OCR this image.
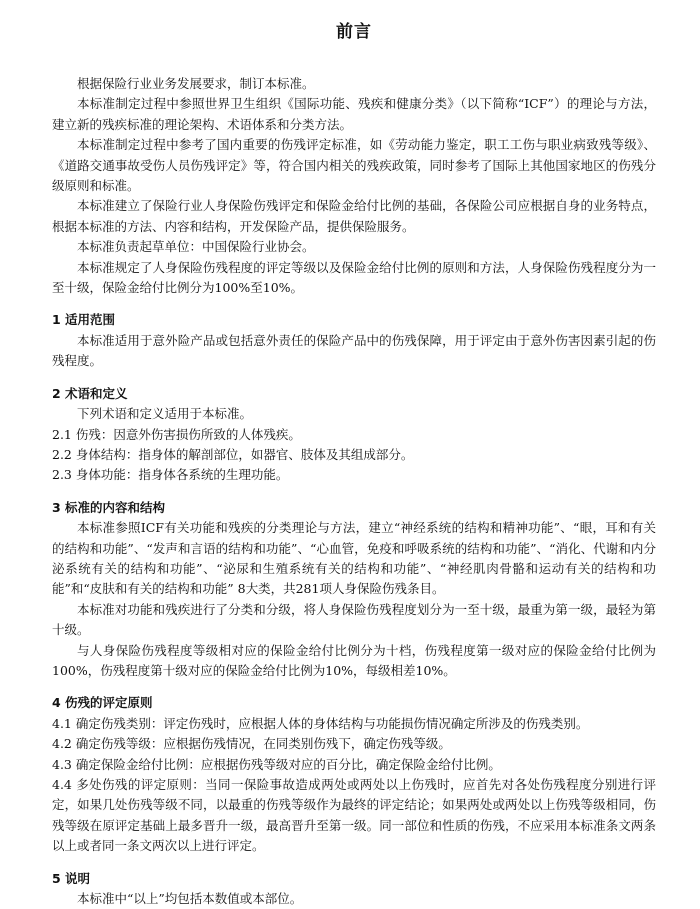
前言

根据保险行业业务发展要求，制订本标准。

本标准制定过程中参照世界卫生组织《国际功能、残疾和健康分类》（以下简称“ICF”）的理论与方法，建立新的残疾标准的理论架构、术语体系和分类方法。

本标准制定过程中参考了国内重要的伤残评定标准，如《劳动能力鉴定，职工工伤与职业病致残等级》、《道路交通事故受伤人员伤残评定》等，符合国内相关的残疾政策，同时参考了国际上其他国家地区的伤残分级原则和标准。

本标准建立了保险行业人身保险伤残评定和保险金给付比例的基础，各保险公司应根据自身的业务特点，根据本标准的方法、内容和结构，开发保险产品，提供保险服务。

本标准负责起草单位：中国保险行业协会。

本标准规定了人身保险伤残程度的评定等级以及保险金给付比例的原则和方法，人身保险伤残程度分为一至十级，保险金给付比例分为100%至10%。

1 适用范围

本标准适用于意外险产品或包括意外责任的保险产品中的伤残保障，用于评定由于意外伤害因素引起的伤残程度。

2 术语和定义

下列术语和定义适用于本标准。

2.1 伤残：因意外伤害损伤所致的人体残疾。

2.2 身体结构：指身体的解剖部位，如器官、肢体及其组成部分。

2.3 身体功能：指身体各系统的生理功能。

3 标准的内容和结构

本标准参照ICF有关功能和残疾的分类理论与方法，建立“神经系统的结构和精神功能”、“眼，耳和有关的结构和功能”、“发声和言语的结构和功能”、“心血管，免疫和呼吸系统的结构和功能”、“消化、代谢和内分泌系统有关的结构和功能”、“泌尿和生殖系统有关的结构和功能”、“神经肌肉骨骼和运动有关的结构和功能”和“皮肤和有关的结构和功能” 8大类，共281项人身保险伤残条目。

本标准对功能和残疾进行了分类和分级，将人身保险伤残程度划分为一至十级，最重为第一级，最轻为第十级。

与人身保险伤残程度等级相对应的保险金给付比例分为十档，伤残程度第一级对应的保险金给付比例为100%，伤残程度第十级对应的保险金给付比例为10%，每级相差10%。

4 伤残的评定原则

4.1 确定伤残类别：评定伤残时，应根据人体的身体结构与功能损伤情况确定所涉及的伤残类别。

4.2 确定伤残等级：应根据伤残情况，在同类别伤残下，确定伤残等级。

4.3 确定保险金给付比例：应根据伤残等级对应的百分比，确定保险金给付比例。

4.4 多处伤残的评定原则：当同一保险事故造成两处或两处以上伤残时，应首先对各处伤残程度分别进行评定，如果几处伤残等级不同，以最重的伤残等级作为最终的评定结论；如果两处或两处以上伤残等级相同，伤残等级在原评定基础上最多晋升一级，最高晋升至第一级。同一部位和性质的伤残，不应采用本标准条文两条以上或者同一条文两次以上进行评定。

5 说明

本标准中“以上”均包括本数值或本部位。
